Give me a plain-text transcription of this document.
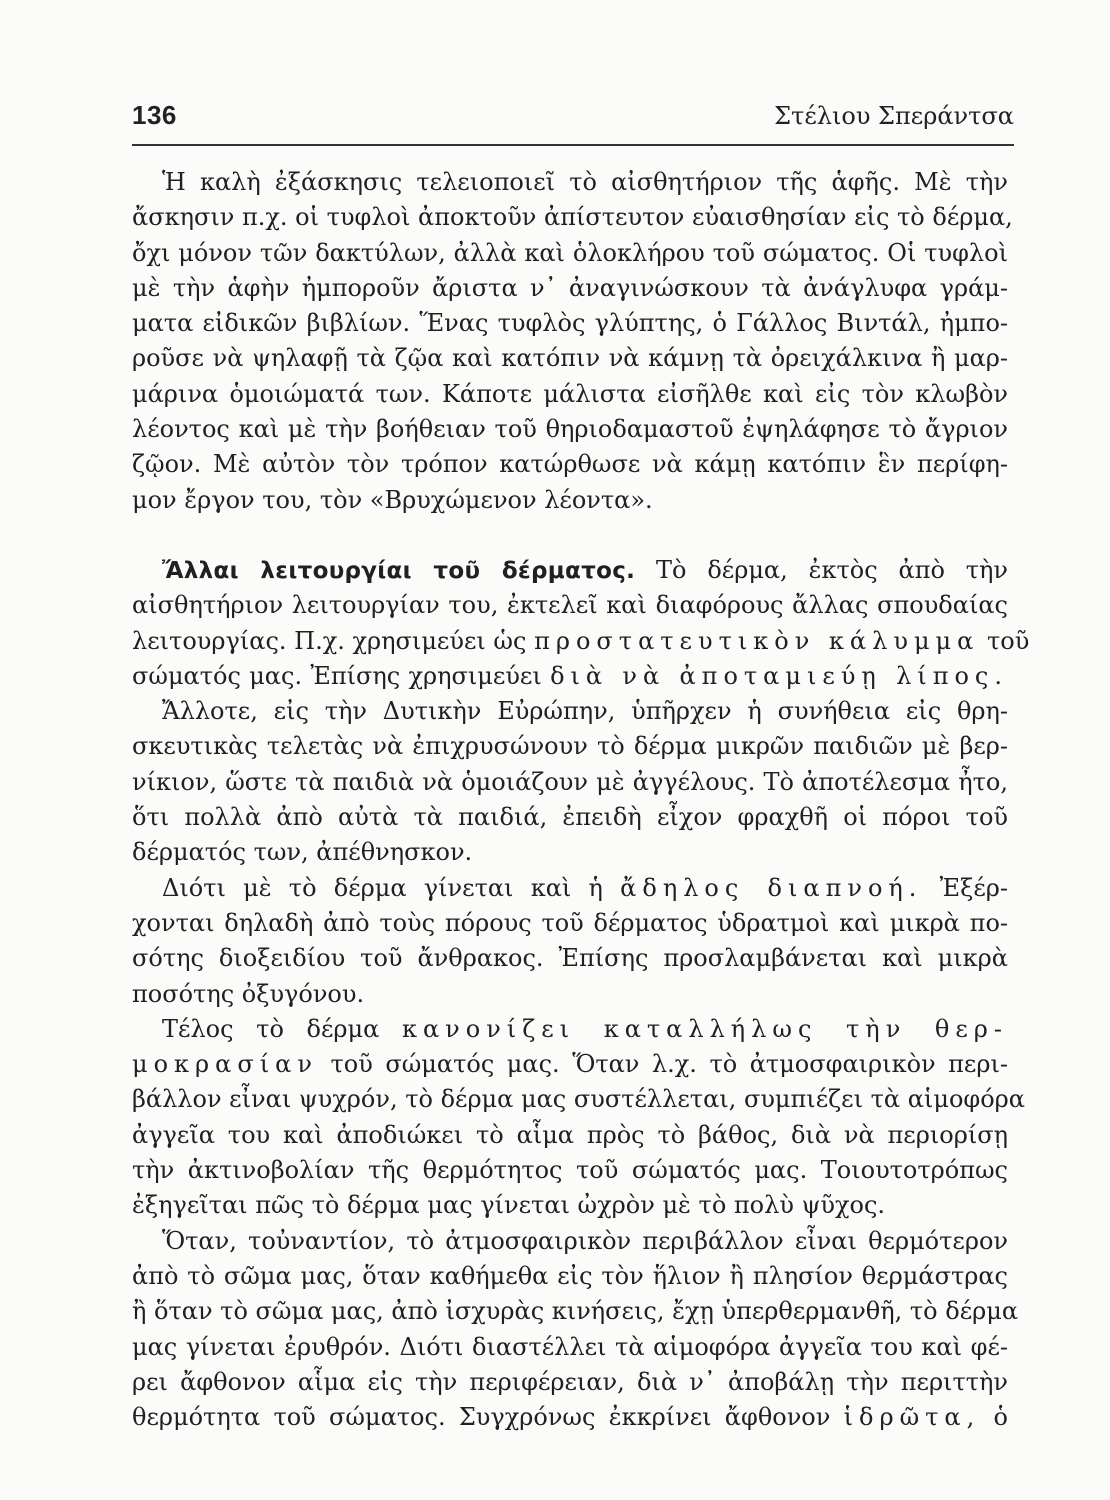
136	Στέλιου Σπεράντσα
Ἡ καλὴ ἐξάσκησις τελειοποιεῖ τὸ αἰσθητήριον τῆς ἁφῆς. Μὲ τὴν
ἄσκησιν π.χ. οἱ τυφλοὶ ἀποκτοῦν ἀπίστευτον εὐαισθησίαν εἰς τὸ δέρμα,
ὄχι μόνον τῶν δακτύλων, ἀλλὰ καὶ ὁλοκλήρου τοῦ σώματος. Οἱ τυφλοὶ
μὲ τὴν ἁφὴν ἠμποροῦν ἄριστα ν᾿ ἀναγινώσκουν τὰ ἀνάγλυφα γράμ-
ματα εἰδικῶν βιβλίων. Ἕνας τυφλὸς γλύπτης, ὁ Γάλλος Βιντάλ, ἠμπο-
ροῦσε νὰ ψηλαφῇ τὰ ζῷα καὶ κατόπιν νὰ κάμνῃ τὰ ὀρειχάλκινα ἢ μαρ-
μάρινα ὁμοιώματά των. Κάποτε μάλιστα εἰσῆλθε καὶ εἰς τὸν κλωβὸν
λέοντος καὶ μὲ τὴν βοήθειαν τοῦ θηριοδαμαστοῦ ἐψηλάφησε τὸ ἄγριον
ζῷον. Μὲ αὐτὸν τὸν τρόπον κατώρθωσε νὰ κάμῃ κατόπιν ἓν περίφη-
μον ἔργον του, τὸν «Βρυχώμενον λέοντα».
Ἄλλαι λειτουργίαι τοῦ δέρματος. Τὸ δέρμα, ἐκτὸς ἀπὸ τὴν
αἰσθητήριον λειτουργίαν του, ἐκτελεῖ καὶ διαφόρους ἄλλας σπουδαίας
λειτουργίας. Π.χ. χρησιμεύει ὡς προστατευτικὸν κάλυμμα τοῦ
σώματός μας. Ἐπίσης χρησιμεύει διὰ νὰ ἀποταμιεύῃ λίπος.
Ἄλλοτε, εἰς τὴν Δυτικὴν Εὐρώπην, ὑπῆρχεν ἡ συνήθεια εἰς θρη-
σκευτικὰς τελετὰς νὰ ἐπιχρυσώνουν τὸ δέρμα μικρῶν παιδιῶν μὲ βερ-
νίκιον, ὥστε τὰ παιδιὰ νὰ ὁμοιάζουν μὲ ἀγγέλους. Τὸ ἀποτέλεσμα ἦτο,
ὅτι πολλὰ ἀπὸ αὐτὰ τὰ παιδιά, ἐπειδὴ εἶχον φραχθῆ οἱ πόροι τοῦ
δέρματός των, ἀπέθνησκον.
Διότι μὲ τὸ δέρμα γίνεται καὶ ἡ ἄδηλος διαπνοή. Ἐξέρ-
χονται δηλαδὴ ἀπὸ τοὺς πόρους τοῦ δέρματος ὑδρατμοὶ καὶ μικρὰ πο-
σότης διοξειδίου τοῦ ἄνθρακος. Ἐπίσης προσλαμβάνεται καὶ μικρὰ
ποσότης ὀξυγόνου.
Τέλος τὸ δέρμα κανονίζει καταλλήλως τὴν θερ-
μοκρασίαν τοῦ σώματός μας. Ὅταν λ.χ. τὸ ἀτμοσφαιρικὸν περι-
βάλλον εἶναι ψυχρόν, τὸ δέρμα μας συστέλλεται, συμπιέζει τὰ αἱμοφόρα
ἀγγεῖα του καὶ ἀποδιώκει τὸ αἷμα πρὸς τὸ βάθος, διὰ νὰ περιορίσῃ
τὴν ἀκτινοβολίαν τῆς θερμότητος τοῦ σώματός μας. Τοιουτοτρόπως
ἐξηγεῖται πῶς τὸ δέρμα μας γίνεται ὠχρὸν μὲ τὸ πολὺ ψῦχος.
Ὅταν, τοὐναντίον, τὸ ἀτμοσφαιρικὸν περιβάλλον εἶναι θερμότερον
ἀπὸ τὸ σῶμα μας, ὅταν καθήμεθα εἰς τὸν ἥλιον ἢ πλησίον θερμάστρας
ἢ ὅταν τὸ σῶμα μας, ἀπὸ ἰσχυρὰς κινήσεις, ἔχῃ ὑπερθερμανθῆ, τὸ δέρμα
μας γίνεται ἐρυθρόν. Διότι διαστέλλει τὰ αἱμοφόρα ἀγγεῖα του καὶ φέ-
ρει ἄφθονον αἷμα εἰς τὴν περιφέρειαν, διὰ ν᾿ ἀποβάλῃ τὴν περιττὴν
θερμότητα τοῦ σώματος. Συγχρόνως ἐκκρίνει ἄφθονον ἱδρῶτα, ὁ
